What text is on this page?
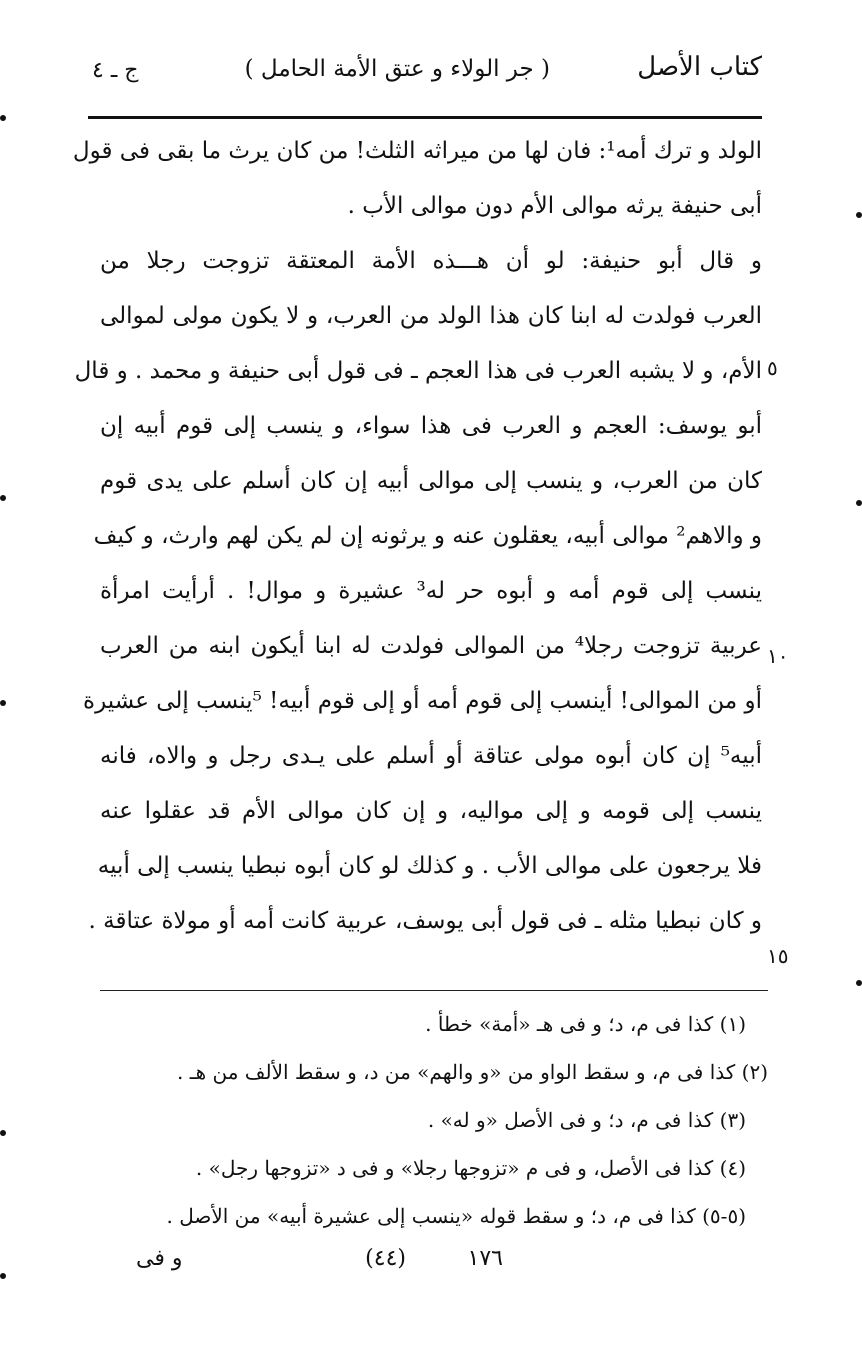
كتاب الأصل
( جر الولاء و عتق الأمة الحامل )
ج ـ ٤
الولد و ترك أمه¹: فان لها من ميراثه الثلث! من كان يرث ما بقى فى قول
أبى حنيفة يرثه موالى الأم دون موالى الأب .
و قال أبو حنيفة: لو أن هـــذه الأمة المعتقة تزوجت رجلا من
العرب فولدت له ابنا كان هذا الولد من العرب، و لا يكون مولى لموالى
الأم، و لا يشبه العرب فى هذا العجم ـ فى قول أبى حنيفة و محمد . و قال
أبو يوسف: العجم و العرب فى هذا سواء، و ينسب إلى قوم أبيه إن
كان من العرب، و ينسب إلى موالى أبيه إن كان أسلم على يدى قوم
و والاهم² موالى أبيه، يعقلون عنه و يرثونه إن لم يكن لهم وارث، و كيف
ينسب إلى قوم أمه و أبوه حر له³ عشيرة و موال! . أرأيت امرأة
عربية تزوجت رجلا⁴ من الموالى فولدت له ابنا أيكون ابنه من العرب
أو من الموالى! أينسب إلى قوم أمه أو إلى قوم أبيه! ⁵ينسب إلى عشيرة
أبيه⁵ إن كان أبوه مولى عتاقة أو أسلم على يـدى رجل و والاه، فانه
ينسب إلى قومه و إلى مواليه، و إن كان موالى الأم قد عقلوا عنه
فلا يرجعون على موالى الأب . و كذلك لو كان أبوه نبطيا ينسب إلى أبيه
و كان نبطيا مثله ـ فى قول أبى يوسف، عربية كانت أمه أو مولاة عتاقة .
٥
١٠
١٥
(١) كذا فى م، د؛ و فى هـ «أمة» خطأ .
(٢) كذا فى م، و سقط الواو من «و والهم» من د، و سقط الألف من هـ .
(٣) كذا فى م، د؛ و فى الأصل «و له» .
(٤) كذا فى الأصل، و فى م «تزوجها رجلا» و فى د «تزوجها رجل» .
(٥-٥) كذا فى م، د؛ و سقط قوله «ينسب إلى عشيرة أبيه» من الأصل .
١٧٦
(٤٤)
و فى
